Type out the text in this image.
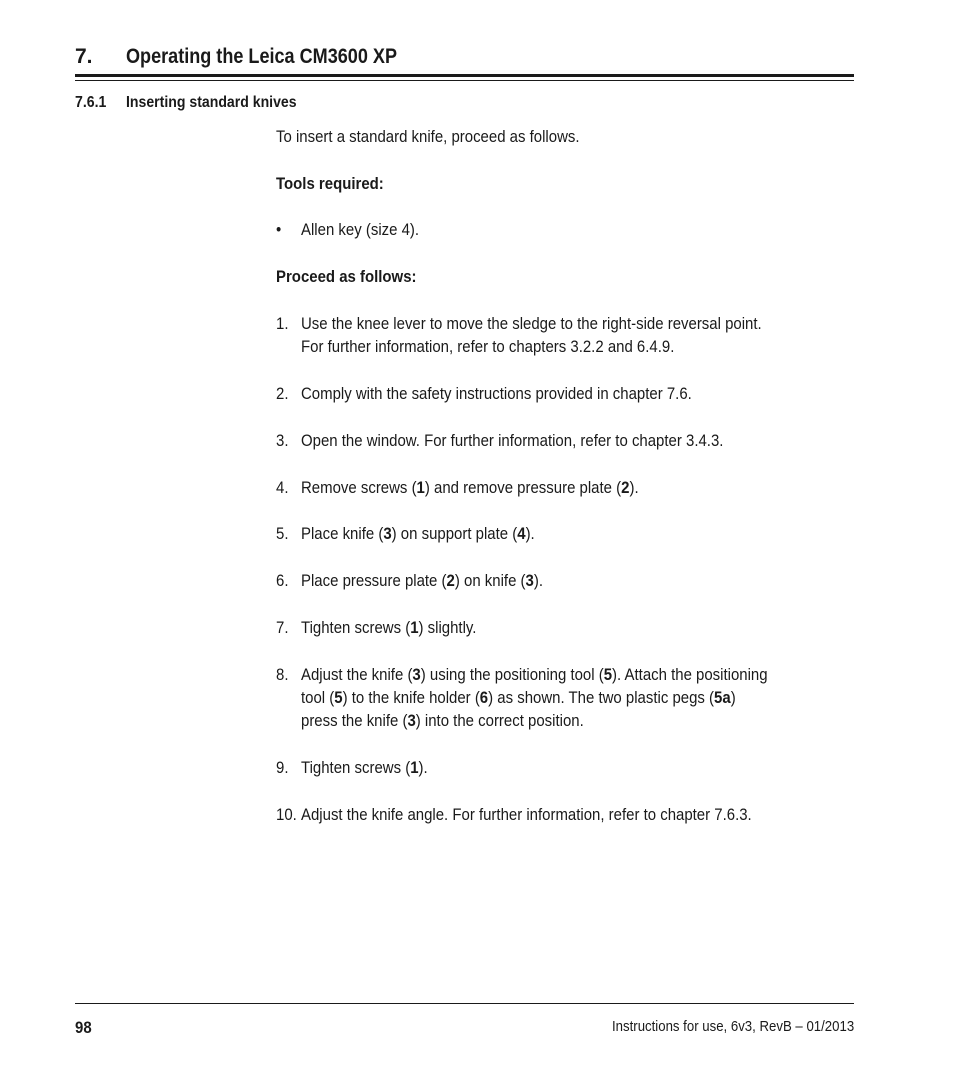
7. Operating the Leica CM3600 XP
7.6.1 Inserting standard knives
To insert a standard knife, proceed as follows.
Tools required:
• Allen key (size 4).
Proceed as follows:
1. Use the knee lever to move the sledge to the right-side reversal point.
For further information, refer to chapters 3.2.2 and 6.4.9.
2. Comply with the safety instructions provided in chapter 7.6.
3. Open the window. For further information, refer to chapter 3.4.3.
4. Remove screws (1) and remove pressure plate (2).
5. Place knife (3) on support plate (4).
6. Place pressure plate (2) on knife (3).
7. Tighten screws (1) slightly.
8. Adjust the knife (3) using the positioning tool (5). Attach the positioning
tool (5) to the knife holder (6) as shown. The two plastic pegs (5a)
press the knife (3) into the correct position.
9. Tighten screws (1).
10. Adjust the knife angle. For further information, refer to chapter 7.6.3.
98	Instructions for use, 6v3, RevB – 01/2013
